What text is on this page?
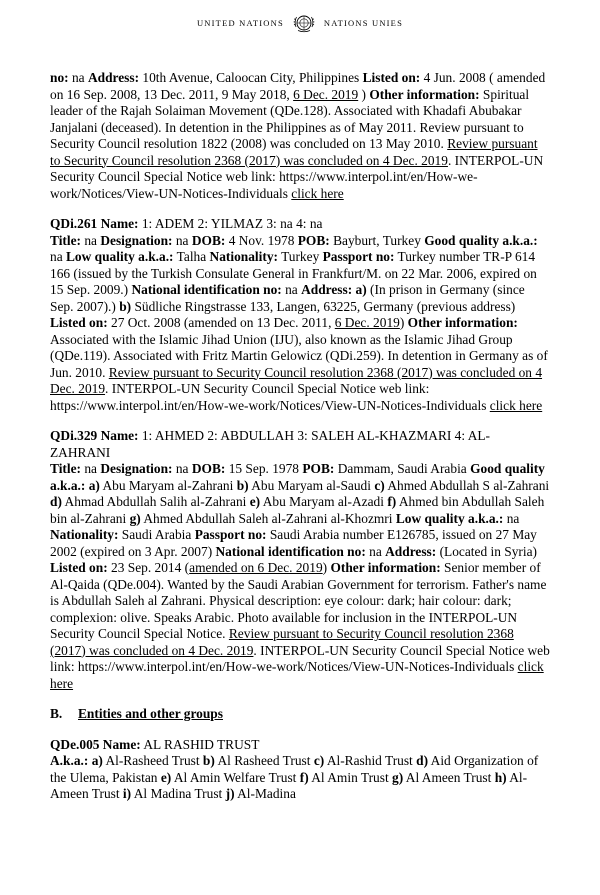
UNITED NATIONS	NATIONS UNIES

no: na Address: 10th Avenue, Caloocan City, Philippines Listed on: 4 Jun. 2008 ( amended on 16 Sep. 2008, 13 Dec. 2011, 9 May 2018, 6 Dec. 2019 ) Other information: Spiritual leader of the Rajah Solaiman Movement (QDe.128). Associated with Khadafi Abubakar Janjalani (deceased). In detention in the Philippines as of May 2011. Review pursuant to Security Council resolution 1822 (2008) was concluded on 13 May 2010. Review pursuant to Security Council resolution 2368 (2017) was concluded on 4 Dec. 2019. INTERPOL-UN Security Council Special Notice web link: https://www.interpol.int/en/How-we-work/Notices/View-UN-Notices-Individuals click here

QDi.261 Name: 1: ADEM 2: YILMAZ 3: na 4: na
Title: na Designation: na DOB: 4 Nov. 1978 POB: Bayburt, Turkey Good quality a.k.a.: na Low quality a.k.a.: Talha Nationality: Turkey Passport no: Turkey number TR-P 614 166 (issued by the Turkish Consulate General in Frankfurt/M. on 22 Mar. 2006, expired on 15 Sep. 2009.) National identification no: na Address: a) (In prison in Germany (since Sep. 2007).) b) Südliche Ringstrasse 133, Langen, 63225, Germany (previous address) Listed on: 27 Oct. 2008 (amended on 13 Dec. 2011, 6 Dec. 2019) Other information: Associated with the Islamic Jihad Union (IJU), also known as the Islamic Jihad Group (QDe.119). Associated with Fritz Martin Gelowicz (QDi.259). In detention in Germany as of Jun. 2010. Review pursuant to Security Council resolution 2368 (2017) was concluded on 4 Dec. 2019. INTERPOL-UN Security Council Special Notice web link: https://www.interpol.int/en/How-we-work/Notices/View-UN-Notices-Individuals click here

QDi.329 Name: 1: AHMED 2: ABDULLAH 3: SALEH AL-KHAZMARI 4: AL-ZAHRANI
Title: na Designation: na DOB: 15 Sep. 1978 POB: Dammam, Saudi Arabia Good quality a.k.a.: a) Abu Maryam al-Zahrani b) Abu Maryam al-Saudi c) Ahmed Abdullah S al-Zahrani d) Ahmad Abdullah Salih al-Zahrani e) Abu Maryam al-Azadi f) Ahmed bin Abdullah Saleh bin al-Zahrani g) Ahmed Abdullah Saleh al-Zahrani al-Khozmri Low quality a.k.a.: na Nationality: Saudi Arabia Passport no: Saudi Arabia number E126785, issued on 27 May 2002 (expired on 3 Apr. 2007) National identification no: na Address: (Located in Syria) Listed on: 23 Sep. 2014 (amended on 6 Dec. 2019) Other information: Senior member of Al-Qaida (QDe.004). Wanted by the Saudi Arabian Government for terrorism. Father's name is Abdullah Saleh al Zahrani. Physical description: eye colour: dark; hair colour: dark; complexion: olive. Speaks Arabic. Photo available for inclusion in the INTERPOL-UN Security Council Special Notice. Review pursuant to Security Council resolution 2368 (2017) was concluded on 4 Dec. 2019. INTERPOL-UN Security Council Special Notice web link: https://www.interpol.int/en/How-we-work/Notices/View-UN-Notices-Individuals click here

B. Entities and other groups

QDe.005 Name: AL RASHID TRUST
A.k.a.: a) Al-Rasheed Trust b) Al Rasheed Trust c) Al-Rashid Trust d) Aid Organization of the Ulema, Pakistan e) Al Amin Welfare Trust f) Al Amin Trust g) Al Ameen Trust h) Al-Ameen Trust i) Al Madina Trust j) Al-Madina
